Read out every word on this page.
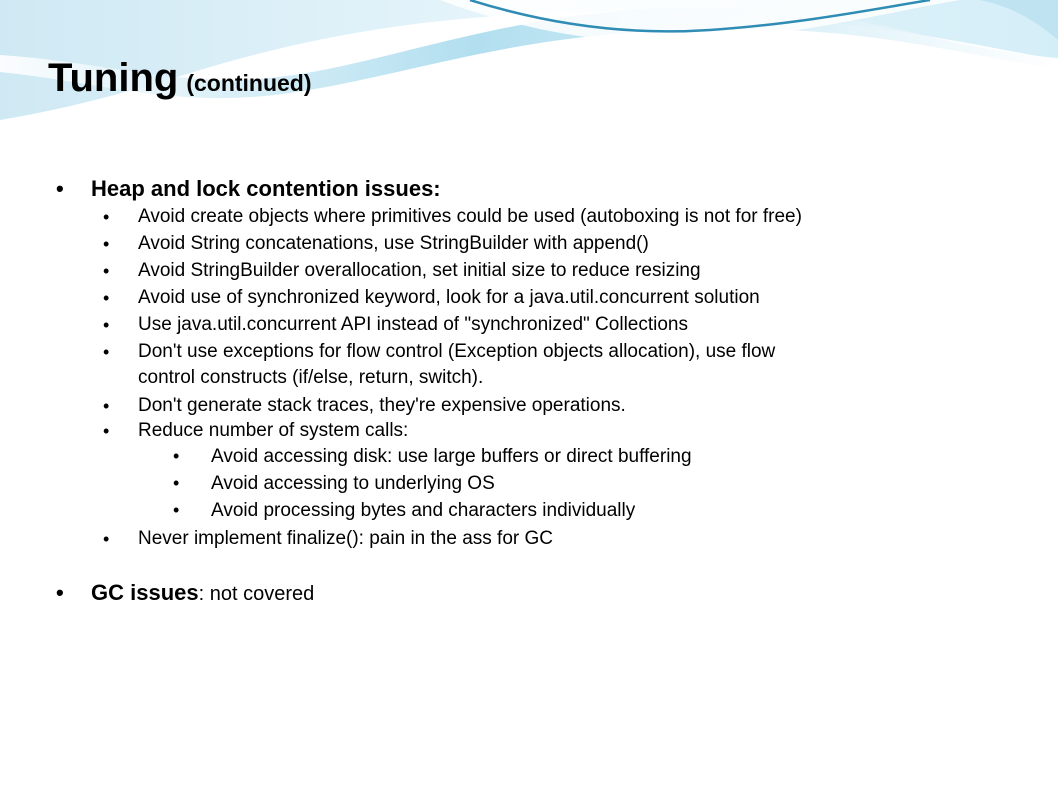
Tuning (continued)
• Heap and lock contention issues:
• Avoid create objects where primitives could be used (autoboxing is not for free)
• Avoid String concatenations, use StringBuilder with append()
• Avoid StringBuilder overallocation, set initial size to reduce resizing
• Avoid use of synchronized keyword, look for a java.util.concurrent solution
• Use java.util.concurrent API instead of "synchronized" Collections
• Don't use exceptions for flow control (Exception objects allocation), use flow
control constructs (if/else, return, switch).
• Don't generate stack traces, they're expensive operations.
• Reduce number of system calls:
• Avoid accessing disk: use large buffers or direct buffering
• Avoid accessing to underlying OS
• Avoid processing bytes and characters individually
• Never implement finalize(): pain in the ass for GC
• GC issues: not covered
